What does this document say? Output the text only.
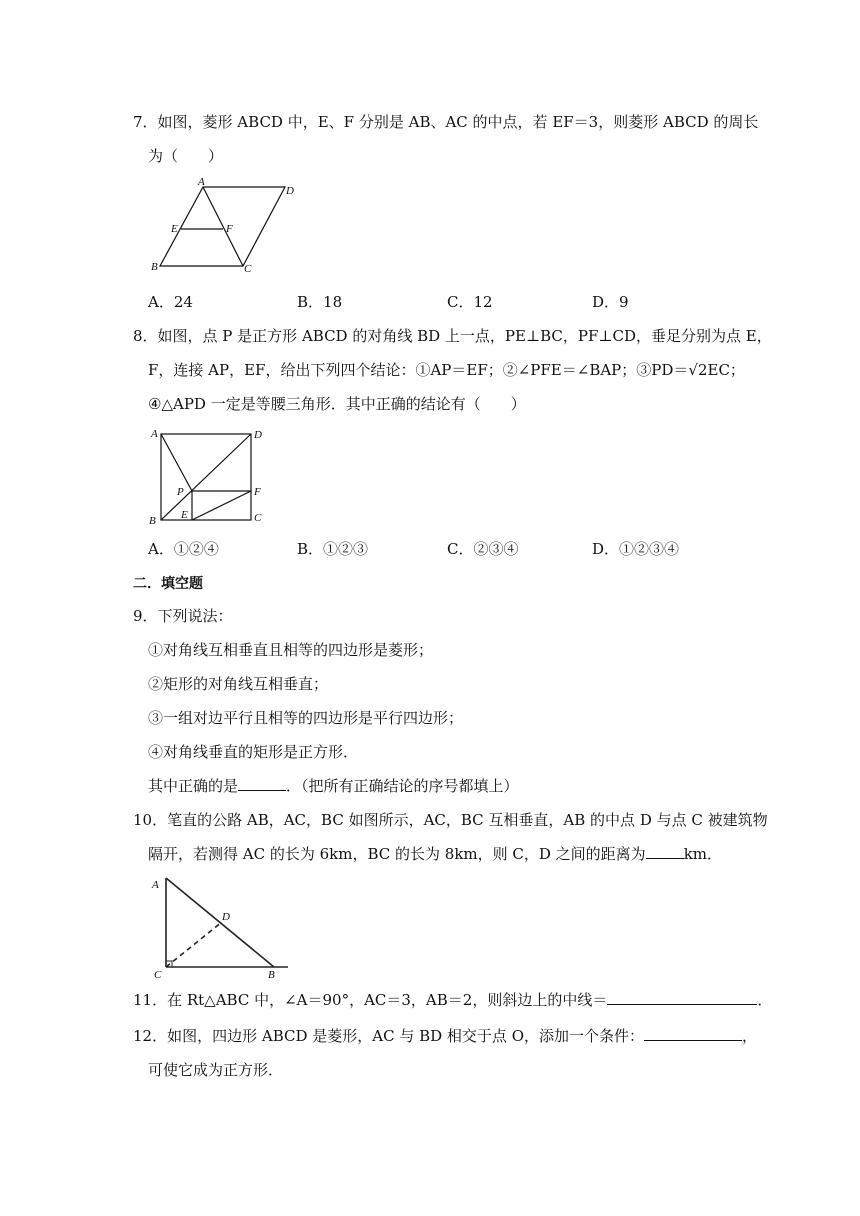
7．如图，菱形 ABCD 中，E、F 分别是 AB、AC 的中点，若 EF＝3，则菱形 ABCD 的周长
为（　　）
A
D
E	F
B	C
A．24	B．18	C．12	D．9
8．如图，点 P 是正方形 ABCD 的对角线 BD 上一点，PE⊥BC，PF⊥CD，垂足分别为点 E，
F，连接 AP，EF，给出下列四个结论：①AP＝EF；②∠PFE＝∠BAP；③PD＝√2EC；
④△APD 一定是等腰三角形．其中正确的结论有（　　）
A	D
P	F
E
B	C
A．①②④	B．①②③	C．②③④	D．①②③④
二．填空题
9．下列说法：
①对角线互相垂直且相等的四边形是菱形；
②矩形的对角线互相垂直；
③一组对边平行且相等的四边形是平行四边形；
④对角线垂直的矩形是正方形．
其中正确的是	．（把所有正确结论的序号都填上）
10．笔直的公路 AB，AC，BC 如图所示，AC，BC 互相垂直，AB 的中点 D 与点 C 被建筑物
隔开，若测得 AC 的长为 6km，BC 的长为 8km，则 C，D 之间的距离为	km．
A
D
C	B
11．在 Rt△ABC 中，∠A＝90°，AC＝3，AB＝2，则斜边上的中线＝	．
12．如图，四边形 ABCD 是菱形，AC 与 BD 相交于点 O，添加一个条件：	，
可使它成为正方形．
